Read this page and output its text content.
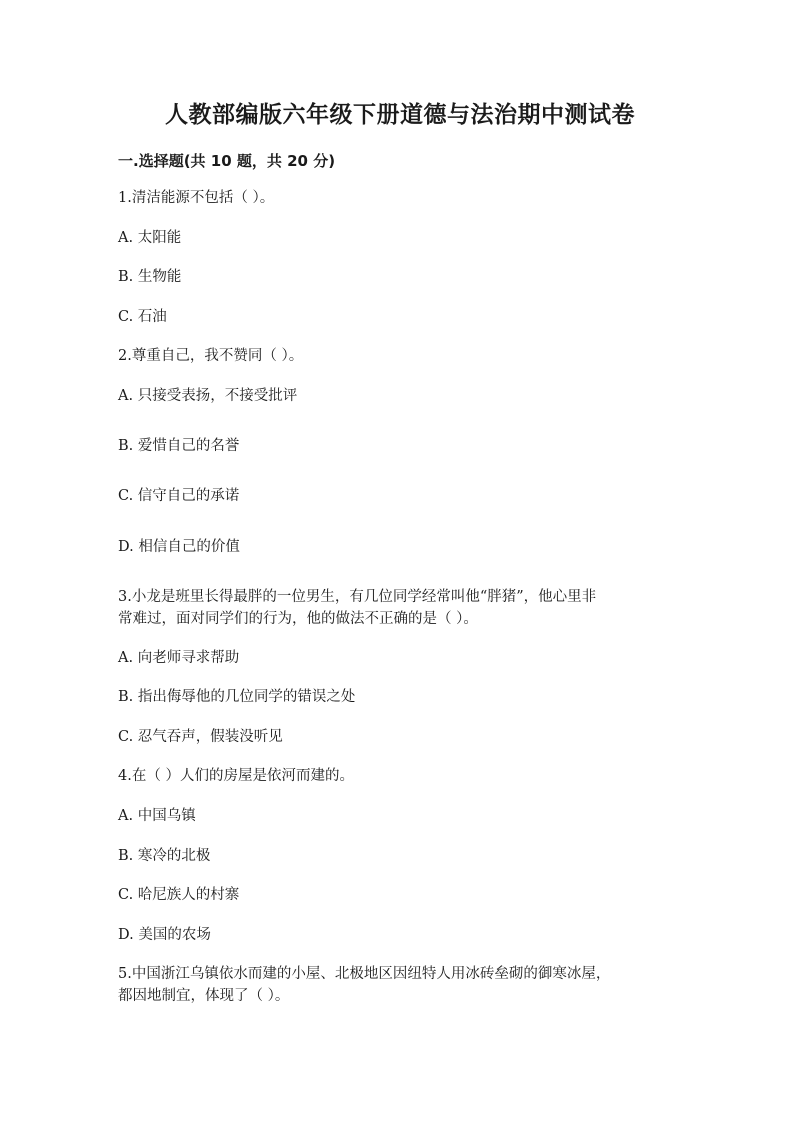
人教部编版六年级下册道德与法治期中测试卷
一.选择题(共 10 题，共 20 分)
1.清洁能源不包括（ ）。
A. 太阳能
B. 生物能
C. 石油
2.尊重自己，我不赞同（ ）。
A. 只接受表扬，不接受批评
B. 爱惜自己的名誉
C. 信守自己的承诺
D. 相信自己的价值
3.小龙是班里长得最胖的一位男生，有几位同学经常叫他“胖猪”，他心里非
常难过，面对同学们的行为，他的做法不正确的是（ ）。
A. 向老师寻求帮助
B. 指出侮辱他的几位同学的错误之处
C. 忍气吞声，假装没听见
4.在（ ）人们的房屋是依河而建的。
A. 中国乌镇
B. 寒冷的北极
C. 哈尼族人的村寨
D. 美国的农场
5.中国浙江乌镇依水而建的小屋、北极地区因纽特人用冰砖垒砌的御寒冰屋，
都因地制宜，体现了（ ）。
